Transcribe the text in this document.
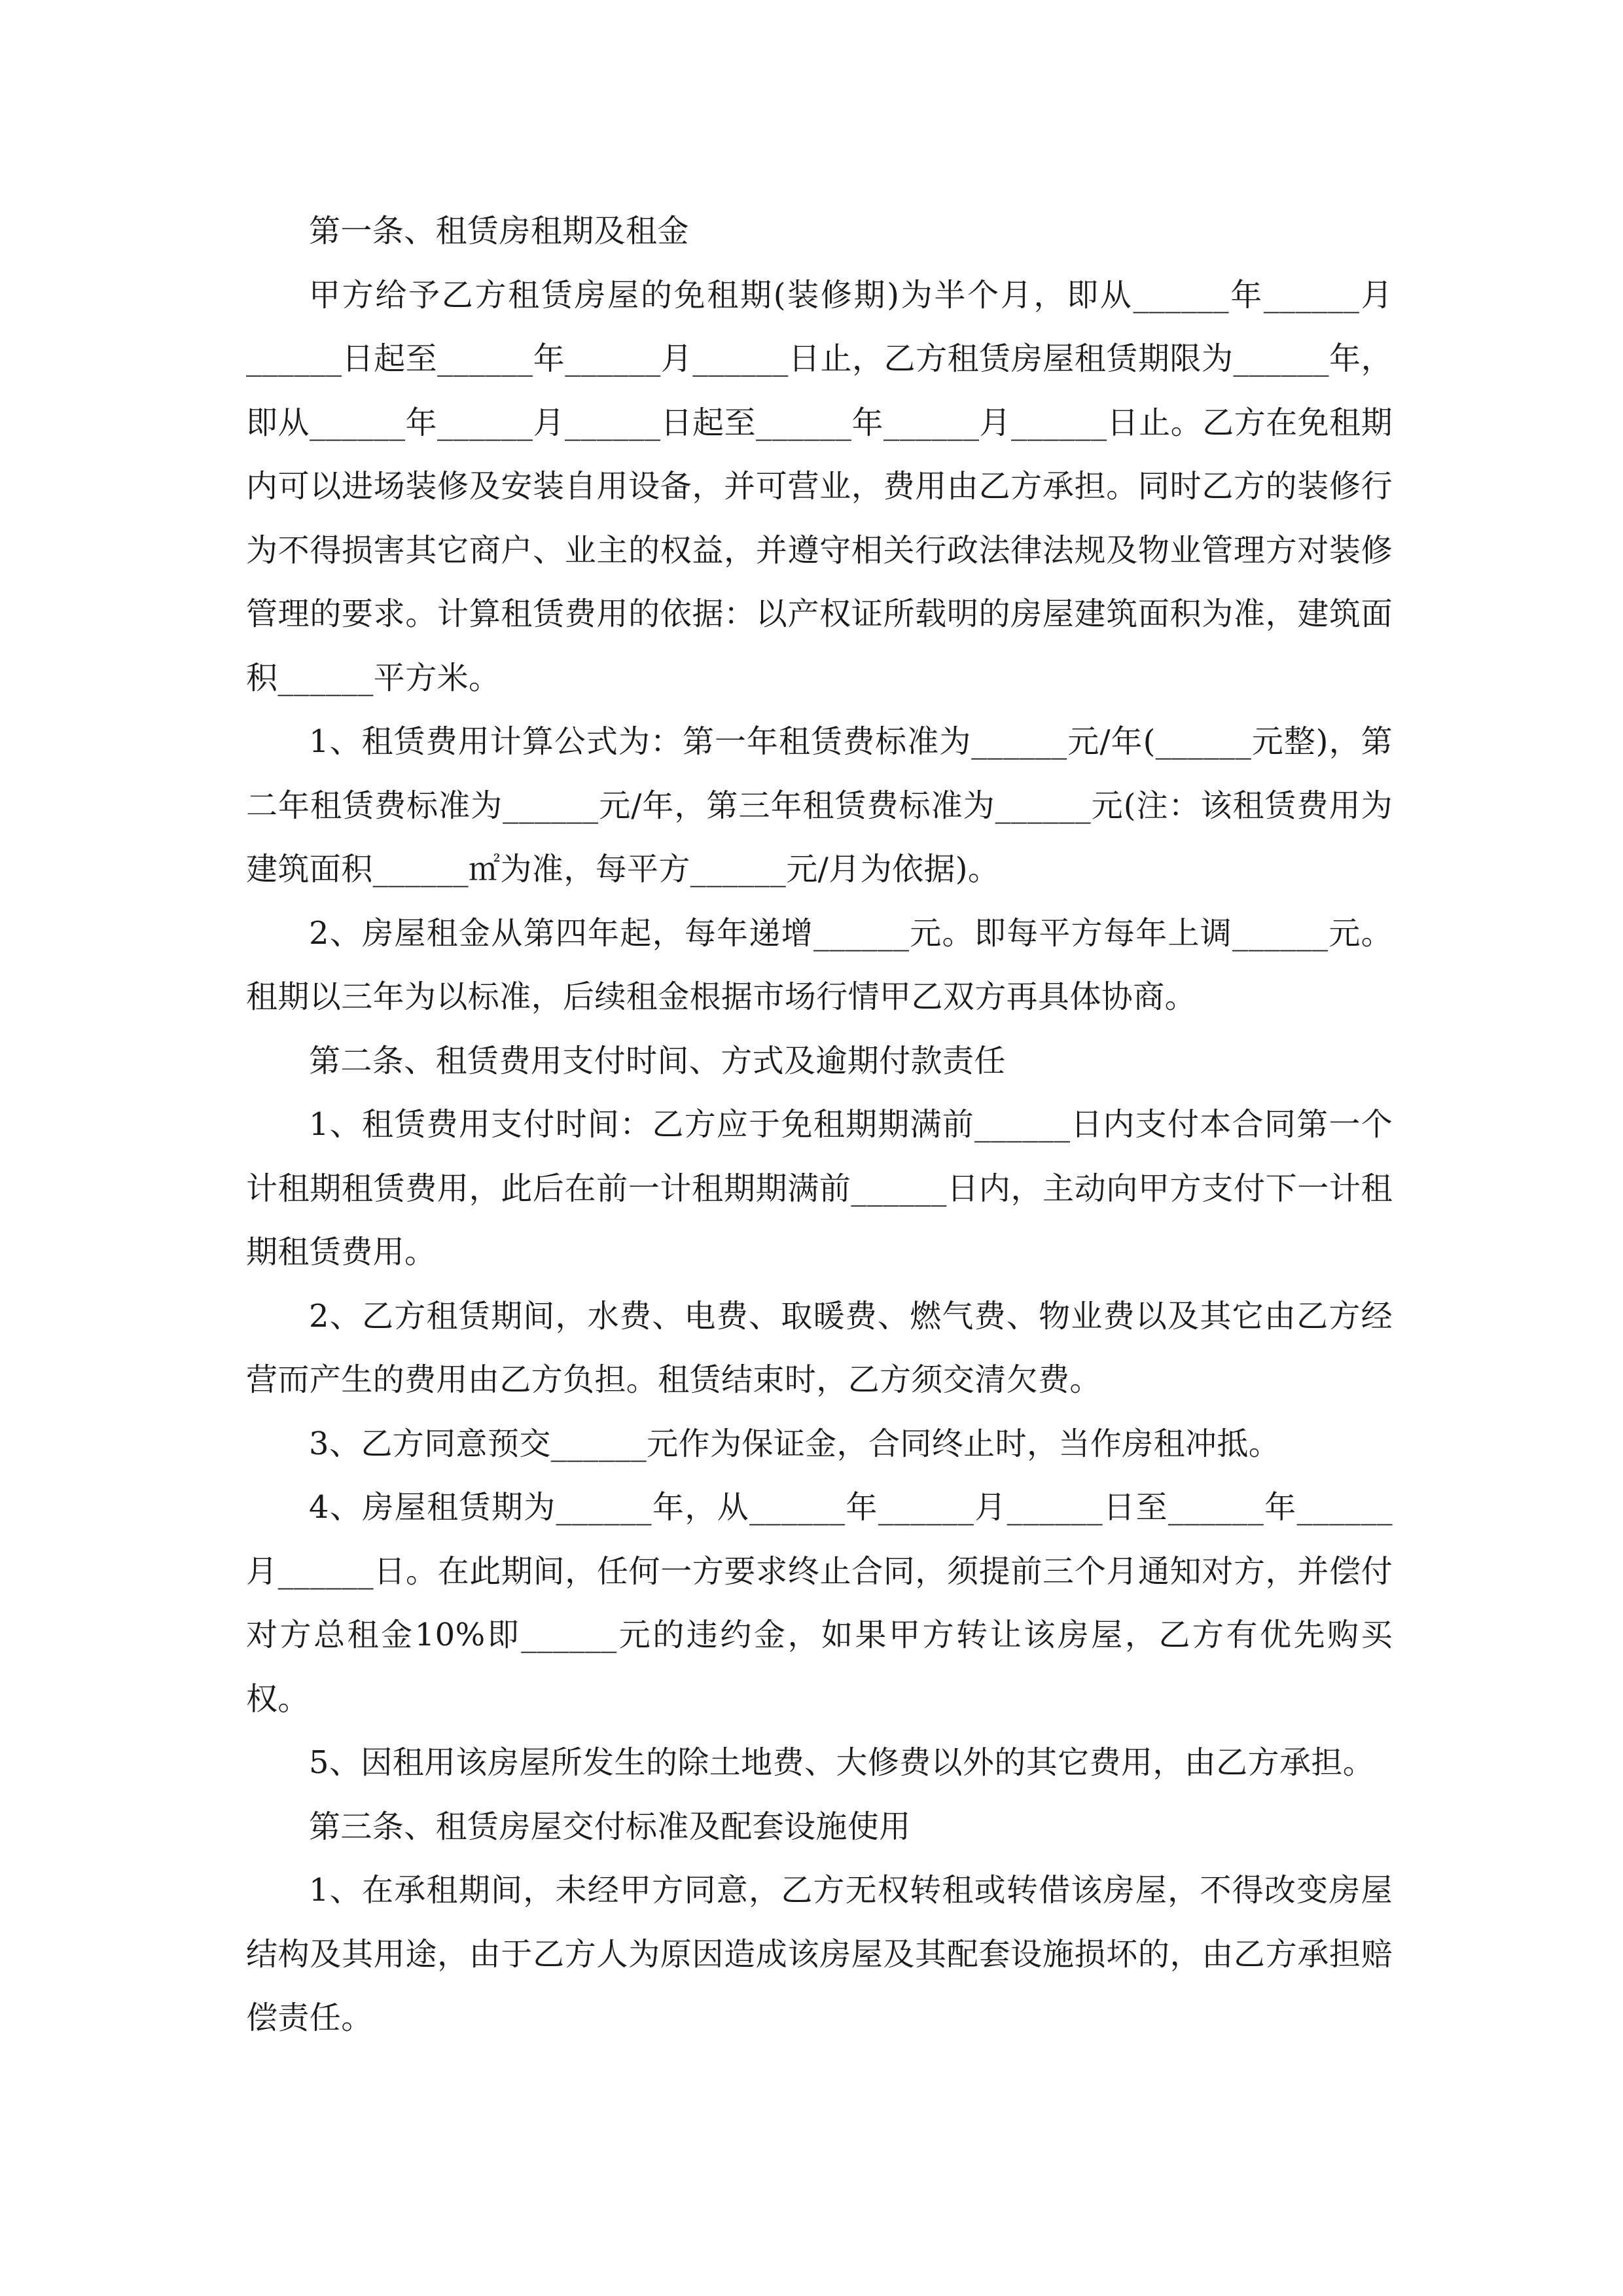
第一条、租赁房租期及租金

甲方给予乙方租赁房屋的免租期(装修期)为半个月，即从______年______月______日起至______年______月______日止，乙方租赁房屋租赁期限为______年，即从______年______月______日起至______年______月______日止。乙方在免租期内可以进场装修及安装自用设备，并可营业，费用由乙方承担。同时乙方的装修行为不得损害其它商户、业主的权益，并遵守相关行政法律法规及物业管理方对装修管理的要求。计算租赁费用的依据：以产权证所载明的房屋建筑面积为准，建筑面积______平方米。

1、租赁费用计算公式为：第一年租赁费标准为______元/年(______元整)，第二年租赁费标准为______元/年，第三年租赁费标准为______元(注：该租赁费用为建筑面积______㎡为准，每平方______元/月为依据)。

2、房屋租金从第四年起，每年递增______元。即每平方每年上调______元。租期以三年为以标准，后续租金根据市场行情甲乙双方再具体协商。

第二条、租赁费用支付时间、方式及逾期付款责任

1、租赁费用支付时间：乙方应于免租期期满前______日内支付本合同第一个计租期租赁费用，此后在前一计租期期满前______日内，主动向甲方支付下一计租期租赁费用。

2、乙方租赁期间，水费、电费、取暖费、燃气费、物业费以及其它由乙方经营而产生的费用由乙方负担。租赁结束时，乙方须交清欠费。

3、乙方同意预交______元作为保证金，合同终止时，当作房租冲抵。

4、房屋租赁期为______年，从______年______月______日至______年______月______日。在此期间，任何一方要求终止合同，须提前三个月通知对方，并偿付对方总租金10%即______元的违约金，如果甲方转让该房屋，乙方有优先购买权。

5、因租用该房屋所发生的除土地费、大修费以外的其它费用，由乙方承担。

第三条、租赁房屋交付标准及配套设施使用

1、在承租期间，未经甲方同意，乙方无权转租或转借该房屋，不得改变房屋结构及其用途，由于乙方人为原因造成该房屋及其配套设施损坏的，由乙方承担赔偿责任。
